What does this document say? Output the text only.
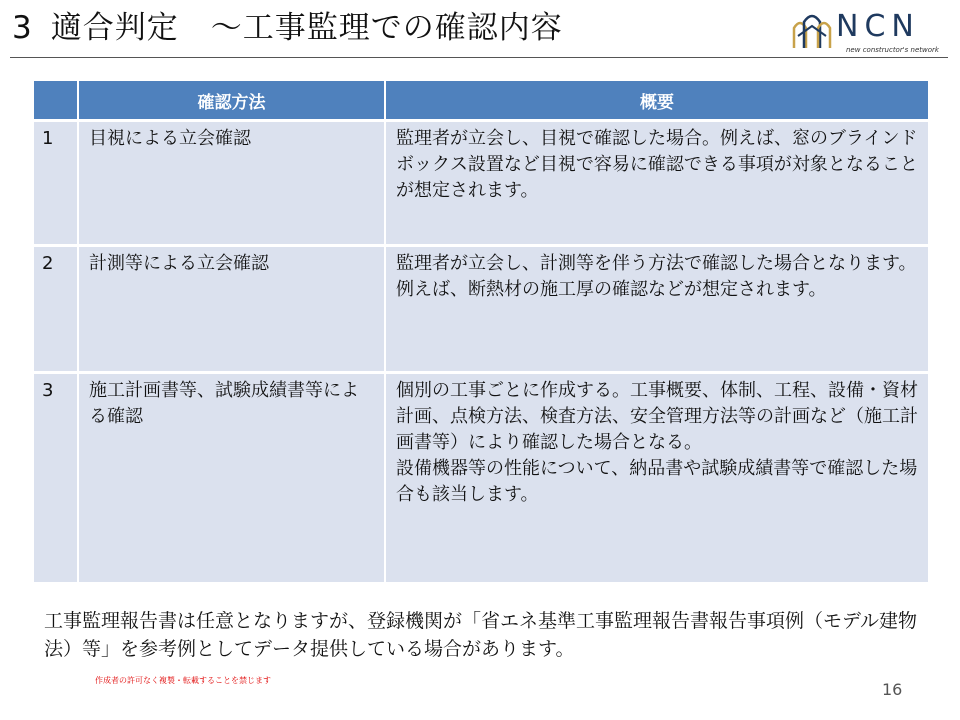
3 適合判定　～工事監理での確認内容	NCN
new constructor's network
	確認方法	概要
1	目視による立会確認	監理者が立会し、目視で確認した場合。例えば、窓のブラインドボックス設置など目視で容易に確認できる事項が対象となることが想定されます。

2	計測等による立会確認	監理者が立会し、計測等を伴う方法で確認した場合となります。例えば、断熱材の施工厚の確認などが想定されます。

3	施工計画書等、試験成績書等による確認	個別の工事ごとに作成する。工事概要、体制、工程、設備・資材計画、点検方法、検査方法、安全管理方法等の計画など（施工計画書等）により確認した場合となる。

設備機器等の性能について、納品書や試験成績書等で確認した場合も該当します。

工事監理報告書は任意となりますが、登録機関が「省エネ基準工事監理報告書報告事項例（モデル建物法）等」を参考例としてデータ提供している場合があります。
作成者の許可なく複製・転載することを禁じます	16
